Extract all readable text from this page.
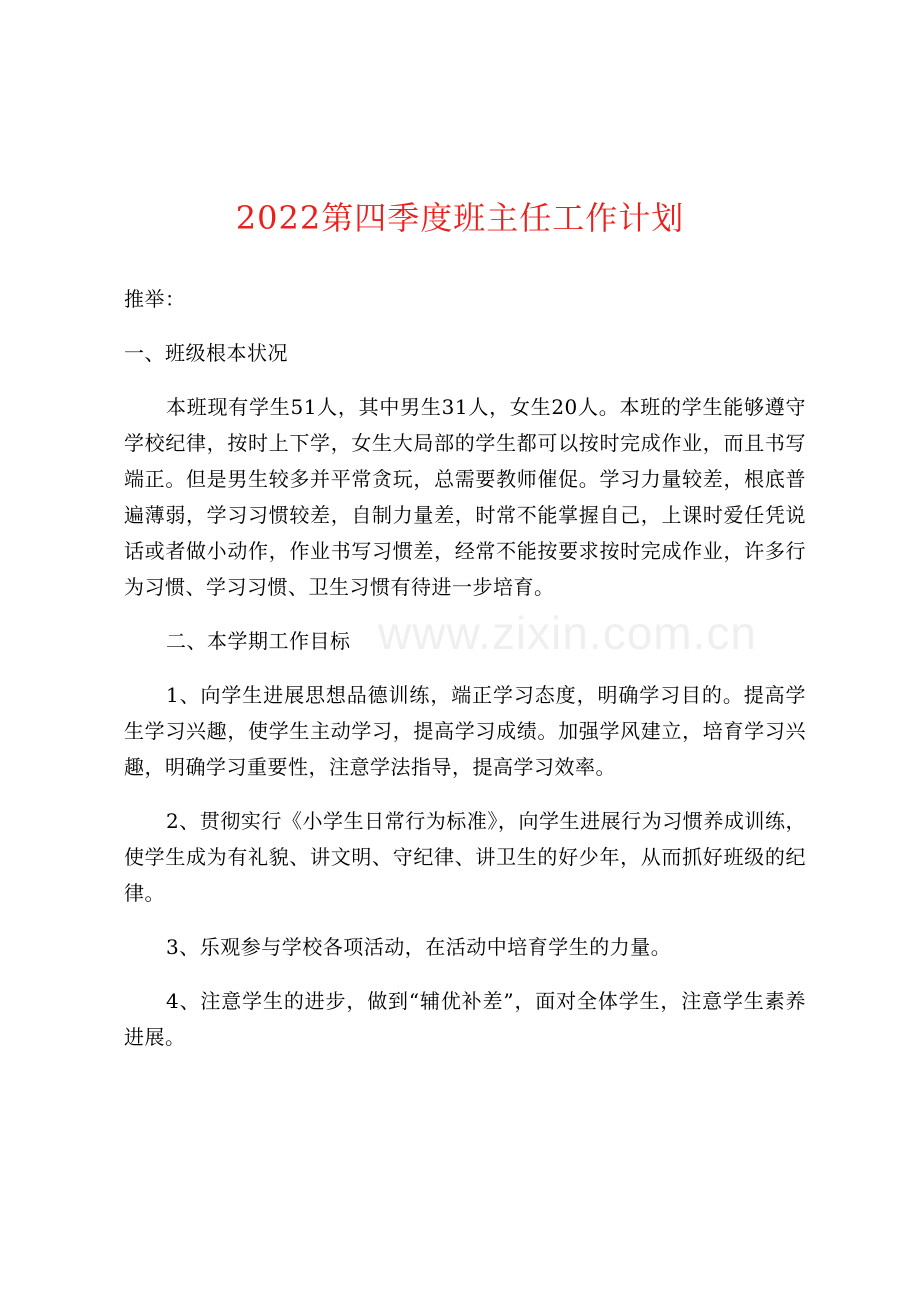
2022第四季度班主任工作计划

推举：

一、班级根本状况

本班现有学生51人，其中男生31人，女生20人。本班的学生能够遵守学校纪律，按时上下学，女生大局部的学生都可以按时完成作业，而且书写端正。但是男生较多并平常贪玩，总需要教师催促。学习力量较差，根底普遍薄弱，学习习惯较差，自制力量差，时常不能掌握自己，上课时爱任凭说话或者做小动作，作业书写习惯差，经常不能按要求按时完成作业，许多行为习惯、学习习惯、卫生习惯有待进一步培育。

二、本学期工作目标

1、向学生进展思想品德训练，端正学习态度，明确学习目的。提高学生学习兴趣，使学生主动学习，提高学习成绩。加强学风建立，培育学习兴趣，明确学习重要性，注意学法指导，提高学习效率。

2、贯彻实行《小学生日常行为标准》，向学生进展行为习惯养成训练，使学生成为有礼貌、讲文明、守纪律、讲卫生的好少年，从而抓好班级的纪律。

3、乐观参与学校各项活动，在活动中培育学生的力量。

4、注意学生的进步，做到“辅优补差”，面对全体学生，注意学生素养进展。

www.zixin.com.cn
